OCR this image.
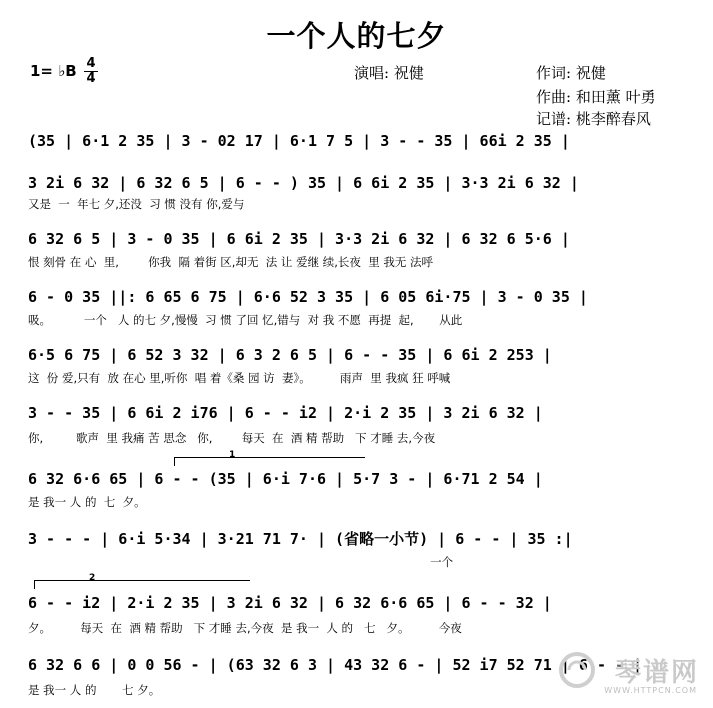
一个人的七夕
1= ♭B 4
4	演唱: 祝健	作词: 祝健
作曲: 和田薰 叶勇
记谱: 桃李醉春风
(35 | 6·1 2 35 | 3 - 02 17 | 6·1 7 5 | 3 - - 35 | 66i 2 35 |
3 2i 6 32 | 6 32 6 5 | 6 - - ) 35 | 6 6i 2 35 | 3·3 2i 6 32 |
又是  一  年七 夕,还没  习 惯 没有 你,爱与
6 32 6 5 | 3 - 0 35 | 6 6i 2 35 | 3·3 2i 6 32 | 6 32 6 5·6 |
恨 刻骨 在 心  里,        你我  隔 着街 区,却无  法 让 爱继 续,长夜  里 我无 法呼
6 - 0 35 ||: 6 65 6 75 | 6·6 52 3 35 | 6 05 6i·75 | 3 - 0 35 |
吸。         一个   人 的七 夕,慢慢  习 惯 了回 忆,错与  对 我 不愿  再提  起,       从此
6·5 6 75 | 6 52 3 32 | 6 3 2 6 5 | 6 - - 35 | 6 6i 2 253 |
这  份 爱,只有  放 在心 里,听你  唱 着《桑 园 访  妻》。        雨声  里 我疯 狂 呼喊
3 - - 35 | 6 6i 2 i76 | 6 - - i2 | 2·i 2 35 | 3 2i 6 32 |
你,         歌声  里 我痛 苦 思念   你,        每天  在  酒 精 帮助   下 才睡 去,今夜
1
6 32 6·6 65 | 6 - - (35 | 6·i 7·6 | 5·7 3 - | 6·71 2 54 |
是 我一 人 的  七  夕。
3 - - - | 6·i 5·34 | 3·21 71 7· | (省略一小节) | 6 - - | 35 :|
一个
2
6 - - i2 | 2·i 2 35 | 3 2i 6 32 | 6 32 6·6 65 | 6 - - 32 |
夕。        每天  在  酒 精 帮助   下 才睡 去,今夜  是 我一  人 的   七   夕。        今夜
6 32 6 6 | 0 0 56 - | (63 32 6 3 | 43 32 6 - | 52 i7 52 71 | 6 - - |
是 我一 人 的       七 夕。
琴谱网
WWW.HTTPCN.COM
